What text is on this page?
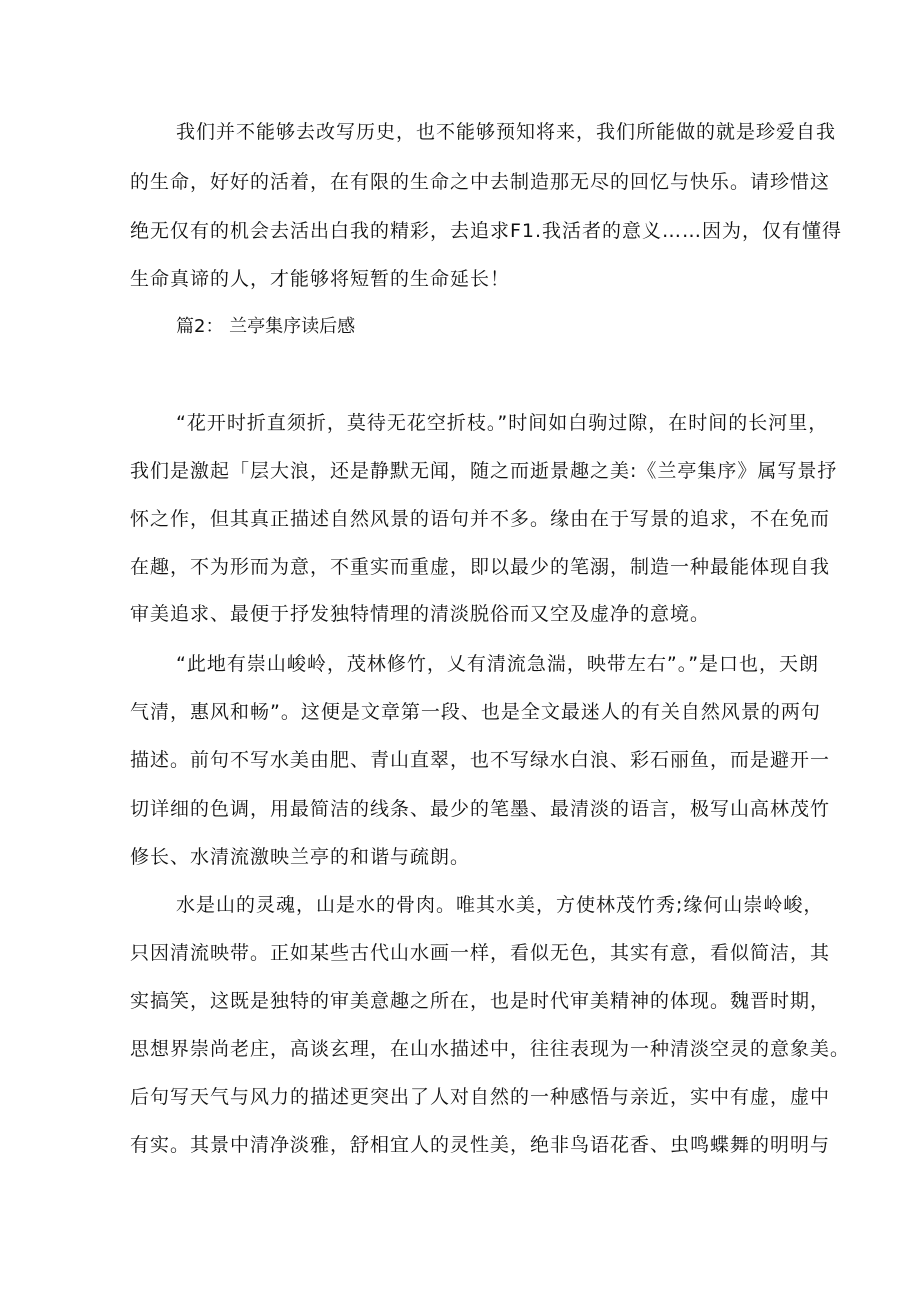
我们并不能够去改写历史，也不能够预知将来，我们所能做的就是珍爱自我
的生命，好好的活着，在有限的生命之中去制造那无尽的回忆与快乐。请珍惜这
绝无仅有的机会去活出白我的精彩，去追求F1.我活者的意义……因为，仅有懂得
生命真谛的人，才能够将短暂的生命延长！
篇2： 兰亭集序读后感
“花开时折直须折，莫待无花空折枝。”时间如白驹过隙，在时间的长河里，
我们是激起「层大浪，还是静默无闻，随之而逝景趣之美:《兰亭集序》属写景抒
怀之作，但其真正描述自然风景的语句并不多。缘由在于写景的追求，不在免而
在趣，不为形而为意，不重实而重虚，即以最少的笔溺，制造一种最能体现自我
审美追求、最便于抒发独特情理的清淡脱俗而又空及虚净的意境。
“此地有崇山峻岭，茂林修竹，乂有清流急湍，映带左右”。”是口也，天朗
气清，惠风和畅”。这便是文章第一段、也是全文最迷人的有关自然风景的两句
描述。前句不写水美由肥、青山直翠，也不写绿水白浪、彩石丽鱼，而是避开一
切详细的色调，用最简洁的线条、最少的笔墨、最清淡的语言，极写山高林茂竹
修长、水清流激映兰亭的和谐与疏朗。
水是山的灵魂，山是水的骨肉。唯其水美，方使林茂竹秀;缘何山崇岭峻，
只因清流映带。正如某些古代山水画一样，看似无色，其实有意，看似简洁，其
实搞笑，这既是独特的审美意趣之所在，也是时代审美精神的体现。魏晋时期，
思想界崇尚老庄，高谈玄理，在山水描述中，往往表现为一种清淡空灵的意象美。
后句写天气与风力的描述更突出了人对自然的一种感悟与亲近，实中有虚，虚中
有实。其景中清净淡雅，舒相宜人的灵性美，绝非鸟语花香、虫鸣蝶舞的明明与
